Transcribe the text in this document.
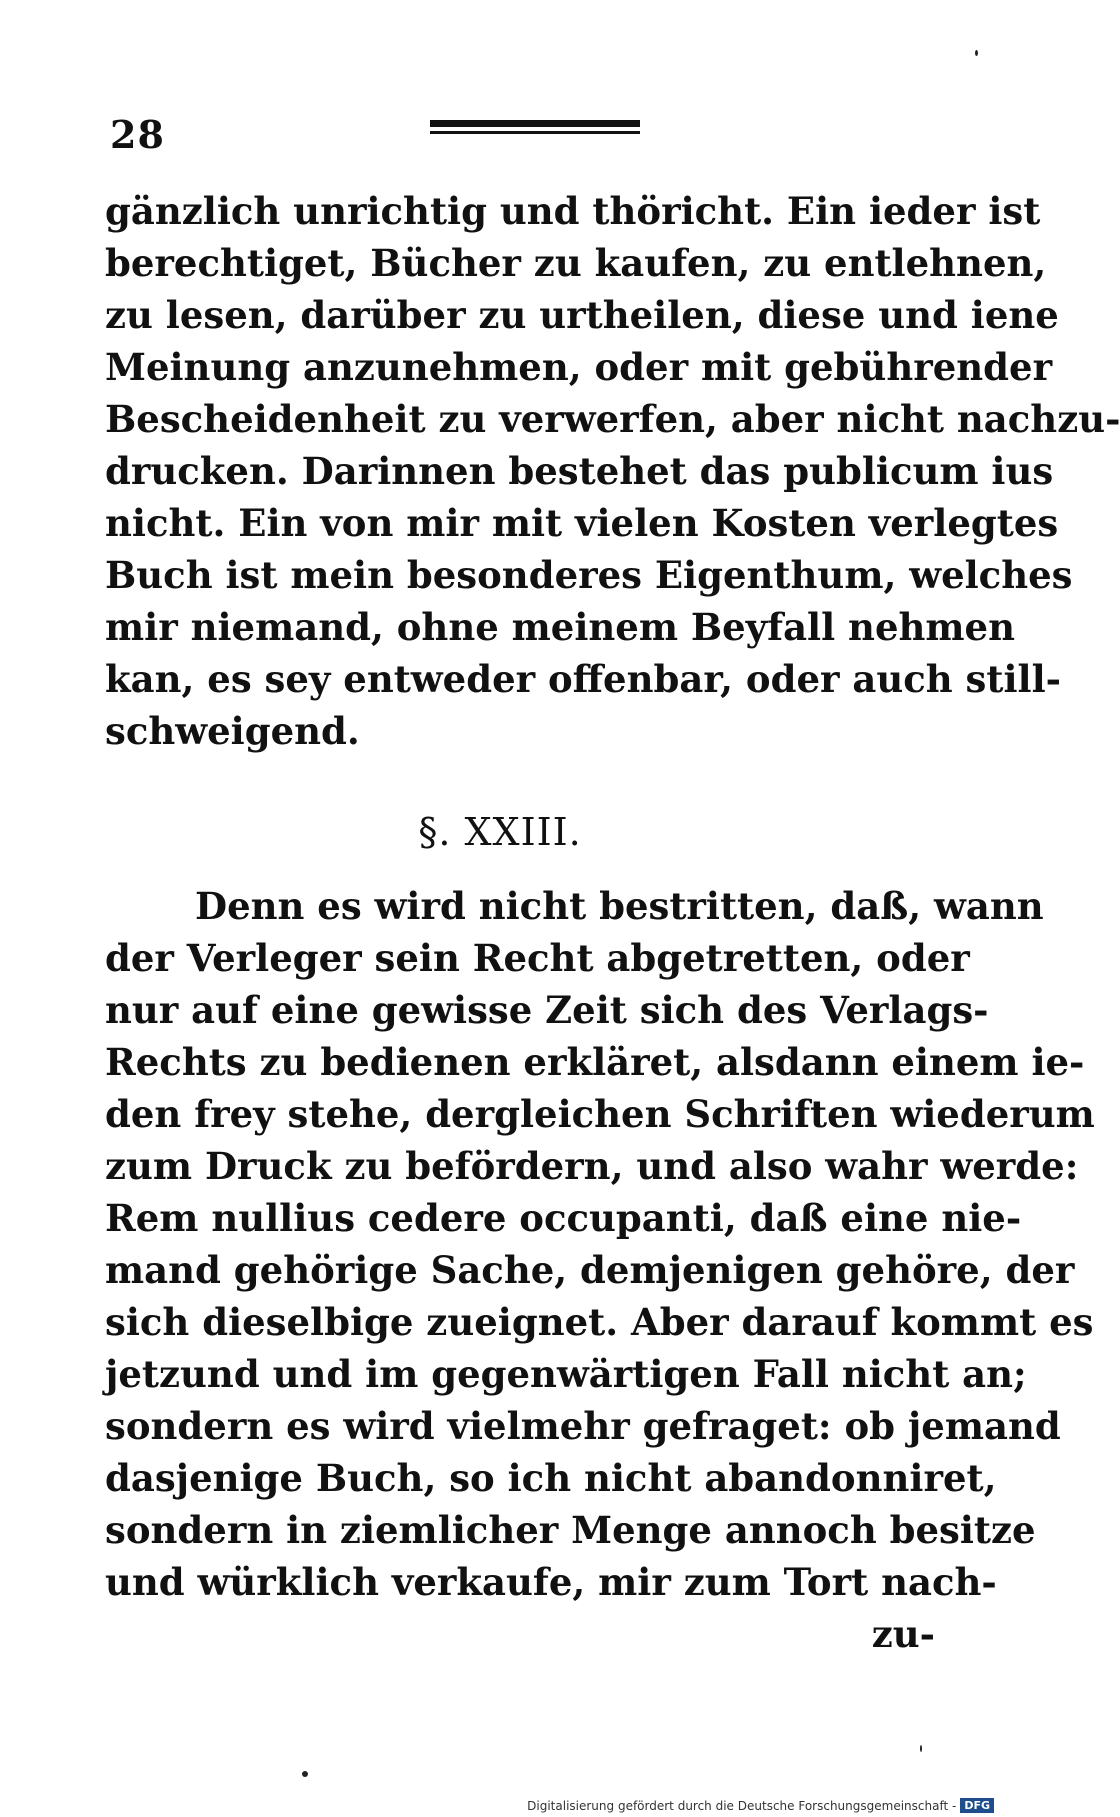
28
gänzlich unrichtig und thöricht. Ein ieder ist
berechtiget, Bücher zu kaufen, zu entlehnen,
zu lesen, darüber zu urtheilen, diese und iene
Meinung anzunehmen, oder mit gebührender
Bescheidenheit zu verwerfen, aber nicht nachzu-
drucken. Darinnen bestehet das publicum ius
nicht. Ein von mir mit vielen Kosten verlegtes
Buch ist mein besonderes Eigenthum, welches
mir niemand, ohne meinem Beyfall nehmen
kan, es sey entweder offenbar, oder auch still-
schweigend.
§. XXIII.
Denn es wird nicht bestritten, daß, wann
der Verleger sein Recht abgetretten, oder
nur auf eine gewisse Zeit sich des Verlags-
Rechts zu bedienen erkläret, alsdann einem ie-
den frey stehe, dergleichen Schriften wiederum
zum Druck zu befördern, und also wahr werde:
Rem nullius cedere occupanti, daß eine nie-
mand gehörige Sache, demjenigen gehöre, der
sich dieselbige zueignet. Aber darauf kommt es
jetzund und im gegenwärtigen Fall nicht an;
sondern es wird vielmehr gefraget: ob jemand
dasjenige Buch, so ich nicht abandonniret,
sondern in ziemlicher Menge annoch besitze
und würklich verkaufe, mir zum Tort nach-
zu-
Digitalisierung gefördert durch die Deutsche Forschungsgemeinschaft - DFG
